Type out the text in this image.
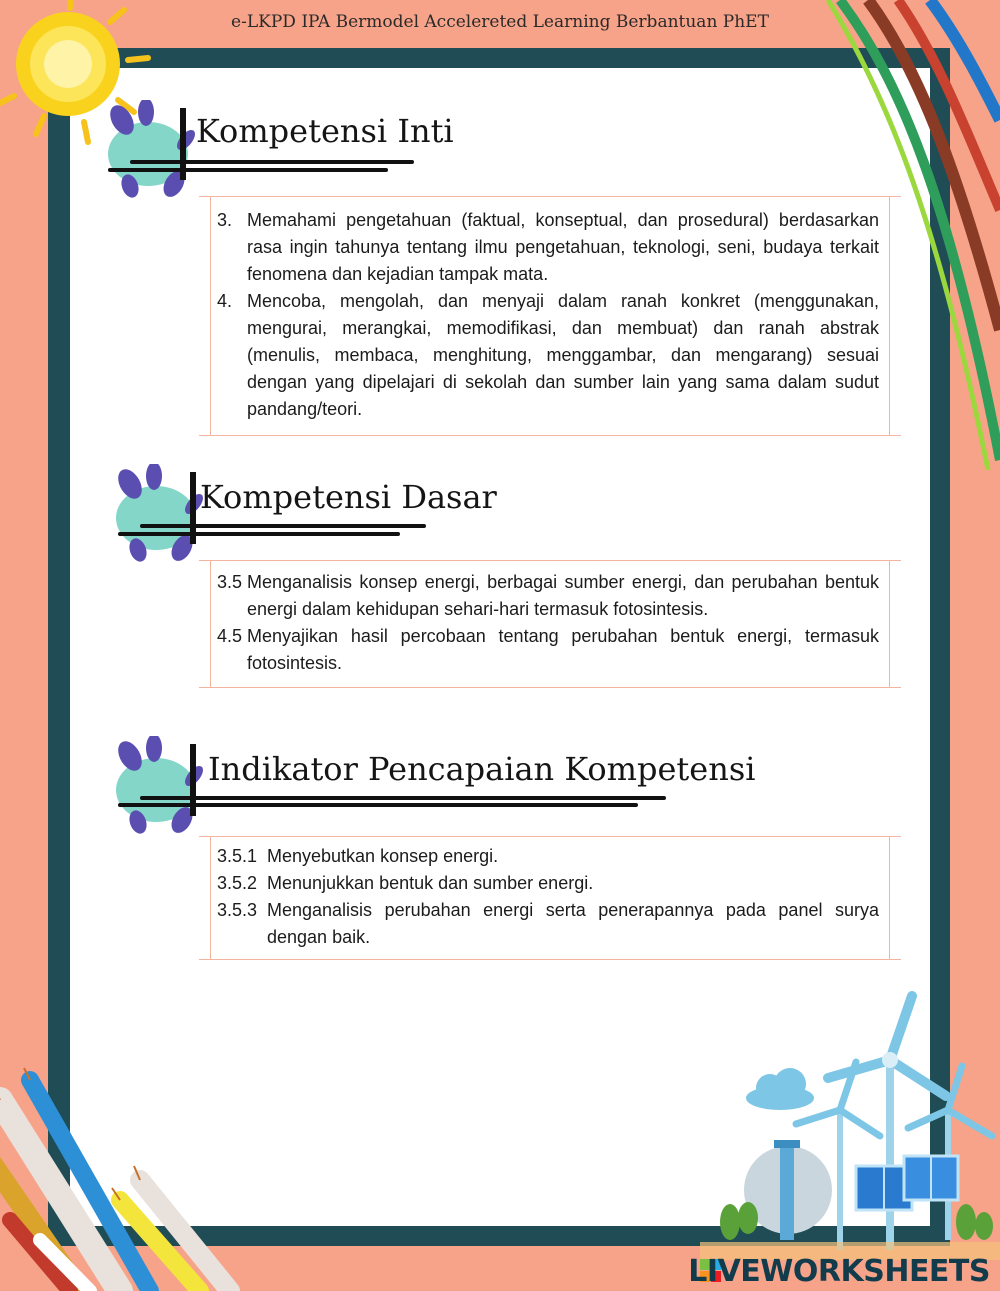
e-LKPD IPA Bermodel Accelereted Learning Berbantuan PhET
LIVEWORKSHEETS
Kompetensi Inti
3. Memahami pengetahuan (faktual, konseptual, dan prosedural) berdasarkan rasa ingin tahunya tentang ilmu pengetahuan, teknologi, seni, budaya terkait fenomena dan kejadian tampak mata.
4. Mencoba, mengolah, dan menyaji dalam ranah konkret (menggunakan, mengurai, merangkai, memodifikasi, dan membuat) dan ranah abstrak (menulis, membaca, menghitung, menggambar, dan mengarang) sesuai dengan yang dipelajari di sekolah dan sumber lain yang sama dalam sudut pandang/teori.
Kompetensi Dasar
3.5 Menganalisis konsep energi, berbagai sumber energi, dan perubahan bentuk energi dalam kehidupan sehari-hari termasuk fotosintesis.
4.5 Menyajikan hasil percobaan tentang perubahan bentuk energi, termasuk fotosintesis.
Indikator Pencapaian Kompetensi
3.5.1 Menyebutkan konsep energi.
3.5.2 Menunjukkan bentuk dan sumber energi.
3.5.3 Menganalisis perubahan energi serta penerapannya pada panel surya dengan baik.
